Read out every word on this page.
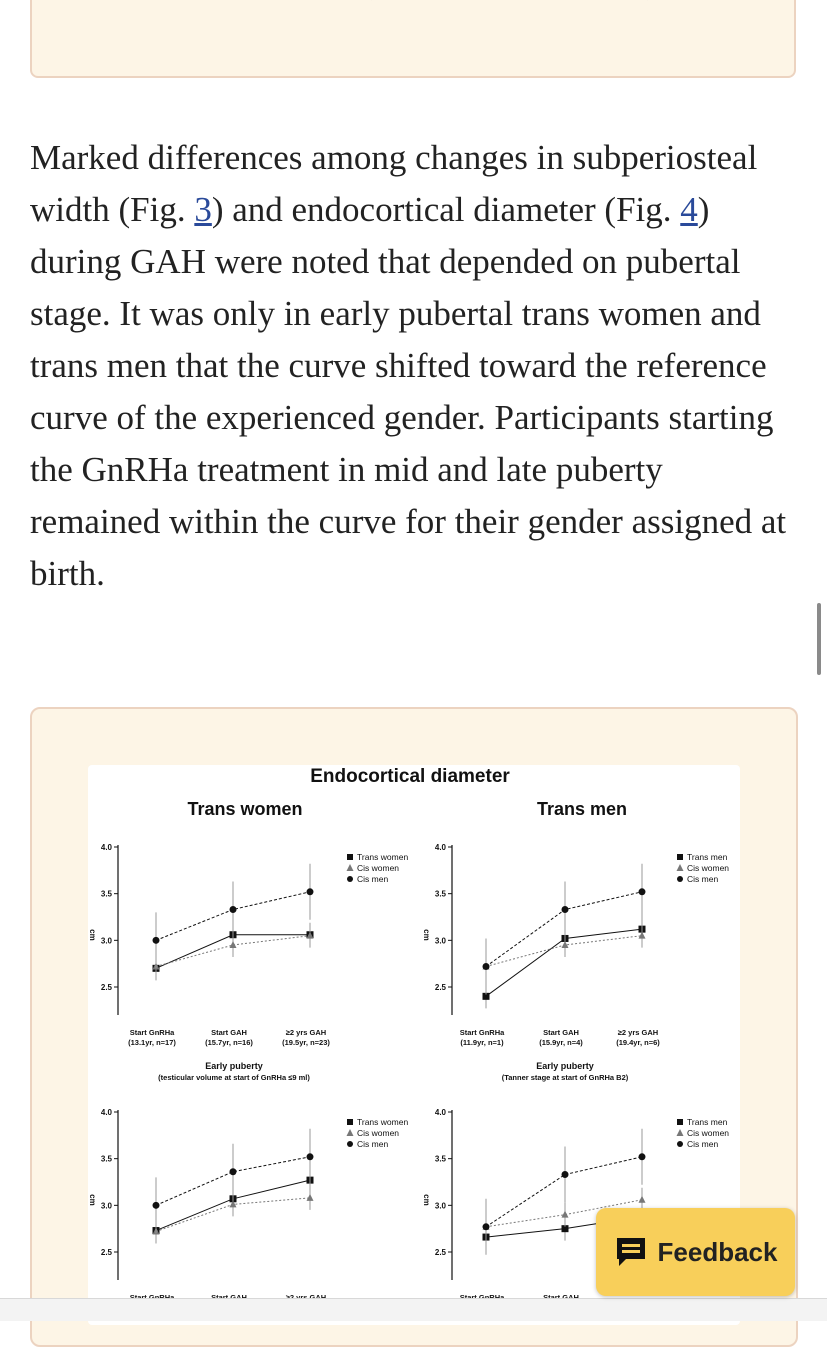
Marked differences among changes in subperiosteal width (Fig. 3) and endocortical diameter (Fig. 4) during GAH were noted that depended on pubertal stage. It was only in early pubertal trans women and trans men that the curve shifted toward the reference curve of the experienced gender. Participants starting the GnRHa treatment in mid and late puberty remained within the curve for their gender assigned at birth.

Endocortical diameter
Trans women	Trans men
Early puberty
(testicular volume at start of GnRHa ≤9 ml)
Early puberty
(Tanner stage at start of GnRHa B2)
4.0
3.5
3.0
2.5
cm
Trans women
Cis women
Cis men
Start GnRHa
(13.1yr, n=17)
Start GAH
(15.7yr, n=16)
≥2 yrs GAH
(19.5yr, n=23)
4.0
3.5
3.0
2.5
cm
Trans men
Cis women
Cis men
Start GnRHa
(11.9yr, n=1)
Start GAH
(15.9yr, n=4)
≥2 yrs GAH
(19.4yr, n=6)
4.0
3.5
3.0
2.5
cm
Trans women
Cis women
Cis men
4.0
3.5
3.0
2.5
cm
Trans men
Cis women
Cis men
Feedback
